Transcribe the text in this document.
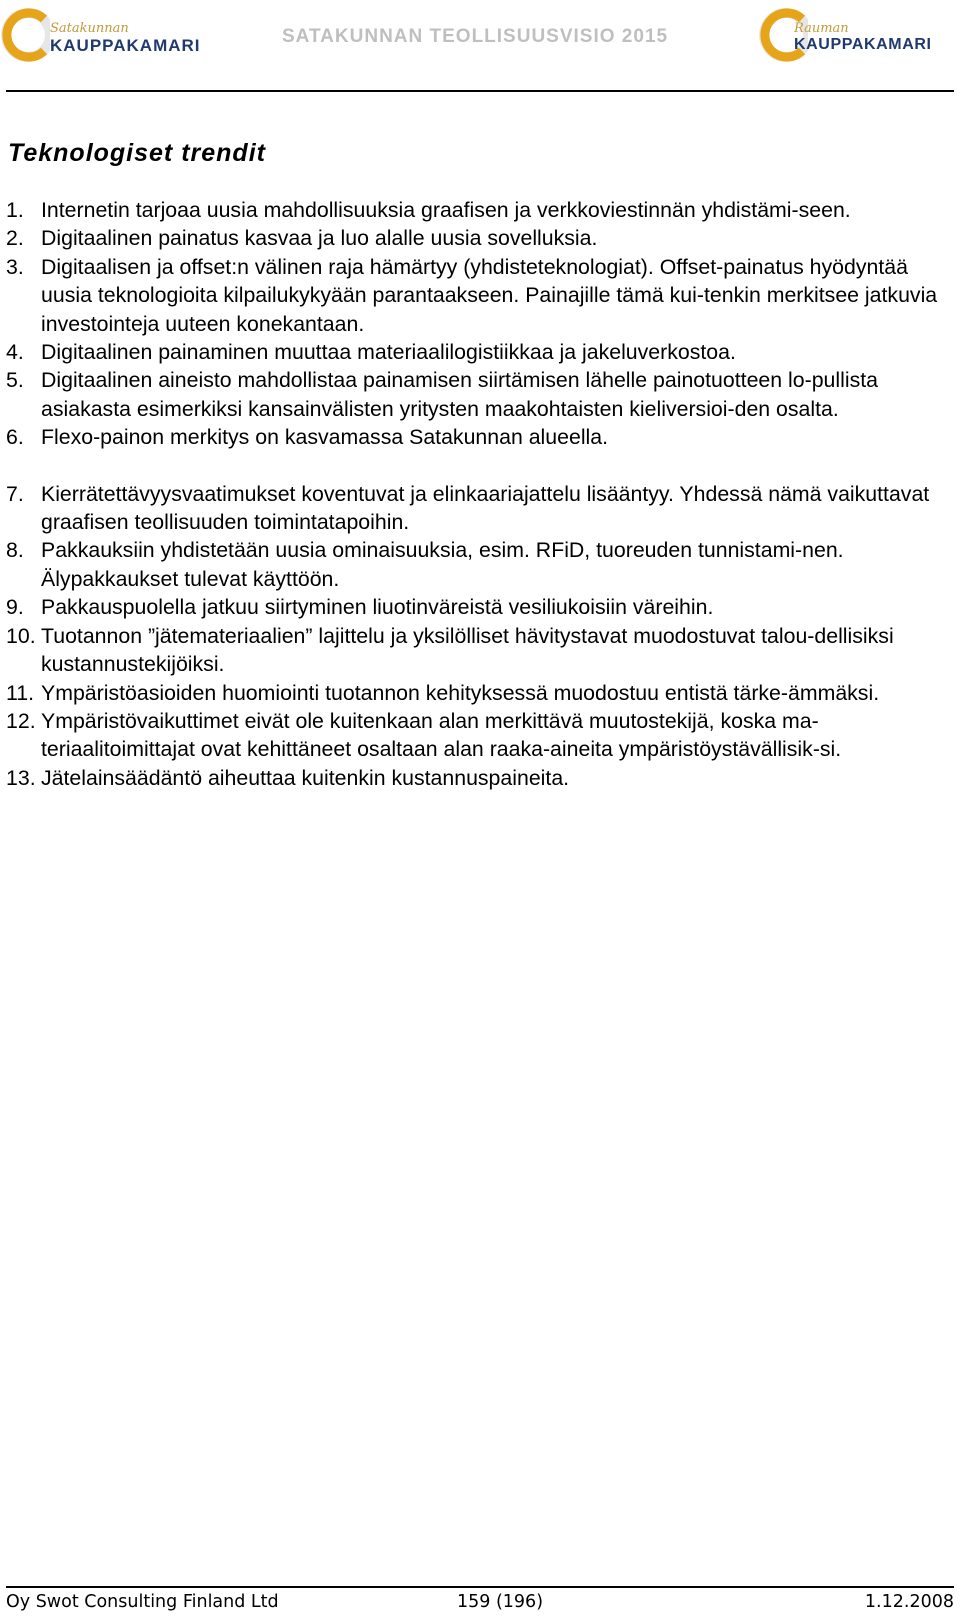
Satakunnan
KAUPPAKAMARI	SATAKUNNAN TEOLLISUUSVISIO 2015	Rauman
KAUPPAKAMARI
Teknologiset trendit
1. Internetin tarjoaa uusia mahdollisuuksia graafisen ja verkkoviestinnän yhdistämi-seen.
2. Digitaalinen painatus kasvaa ja luo alalle uusia sovelluksia.
3. Digitaalisen ja offset:n välinen raja hämärtyy (yhdisteteknologiat). Offset-painatus hyödyntää uusia teknologioita kilpailukykyään parantaakseen. Painajille tämä kui-tenkin merkitsee jatkuvia investointeja uuteen konekantaan.
4. Digitaalinen painaminen muuttaa materiaalilogistiikkaa ja jakeluverkostoa.
5. Digitaalinen aineisto mahdollistaa painamisen siirtämisen lähelle painotuotteen lo-pullista asiakasta esimerkiksi kansainvälisten yritysten maakohtaisten kieliversioi-den osalta.
6. Flexo-painon merkitys on kasvamassa Satakunnan alueella.
7. Kierrätettävyysvaatimukset koventuvat ja elinkaariajattelu lisääntyy. Yhdessä nämä vaikuttavat graafisen teollisuuden toimintatapoihin.
8. Pakkauksiin yhdistetään uusia ominaisuuksia, esim. RFiD, tuoreuden tunnistami-nen. Älypakkaukset tulevat käyttöön.
9. Pakkauspuolella jatkuu siirtyminen liuotinväreistä vesiliukoisiin väreihin.
10. Tuotannon ”jätemateriaalien” lajittelu ja yksilölliset hävitystavat muodostuvat talou-dellisiksi kustannustekijöiksi.
11. Ympäristöasioiden huomiointi tuotannon kehityksessä muodostuu entistä tärke-ämmäksi.
12. Ympäristövaikuttimet eivät ole kuitenkaan alan merkittävä muutostekijä, koska ma-teriaalitoimittajat ovat kehittäneet osaltaan alan raaka-aineita ympäristöystävällisik-si.
13. Jätelainsäädäntö aiheuttaa kuitenkin kustannuspaineita.
Oy Swot Consulting Finland Ltd	159 (196)	1.12.2008
